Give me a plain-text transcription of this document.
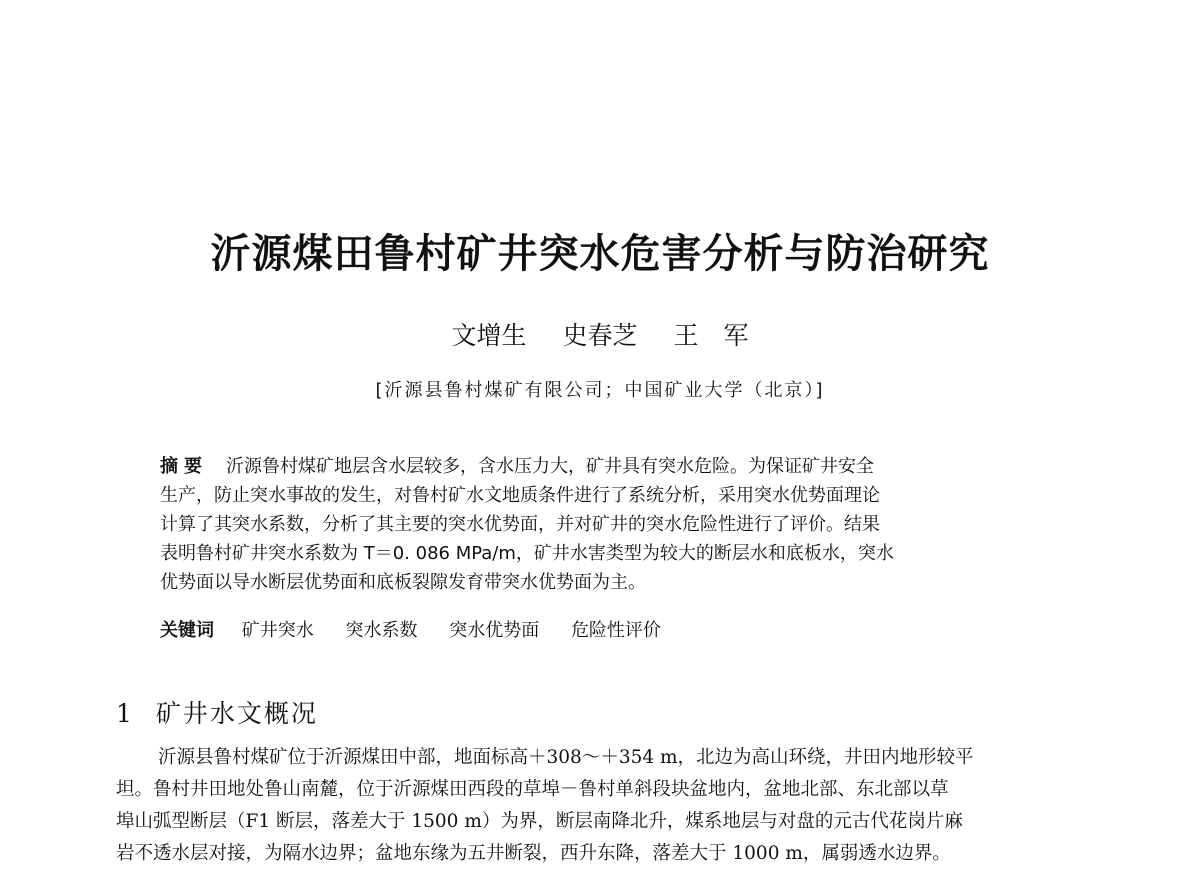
沂源煤田鲁村矿井突水危害分析与防治研究
文增生 史春芝 王　军
[沂源县鲁村煤矿有限公司；中国矿业大学（北京）]
摘要 沂源鲁村煤矿地层含水层较多，含水压力大，矿井具有突水危险。为保证矿井安全
生产，防止突水事故的发生，对鲁村矿水文地质条件进行了系统分析，采用突水优势面理论
计算了其突水系数，分析了其主要的突水优势面，并对矿井的突水危险性进行了评价。结果
表明鲁村矿井突水系数为 T＝0. 086 MPa/m，矿井水害类型为较大的断层水和底板水，突水
优势面以导水断层优势面和底板裂隙发育带突水优势面为主。
关键词 矿井突水 突水系数 突水优势面 危险性评价
1 矿井水文概况
沂源县鲁村煤矿位于沂源煤田中部，地面标高＋308～＋354 m，北边为高山环绕，井田内地形较平
坦。鲁村井田地处鲁山南麓，位于沂源煤田西段的草埠－鲁村单斜段块盆地内，盆地北部、东北部以草
埠山弧型断层（F1 断层，落差大于 1500 m）为界，断层南降北升，煤系地层与对盘的元古代花岗片麻
岩不透水层对接，为隔水边界；盆地东缘为五井断裂，西升东降，落差大于 1000 m，属弱透水边界。
